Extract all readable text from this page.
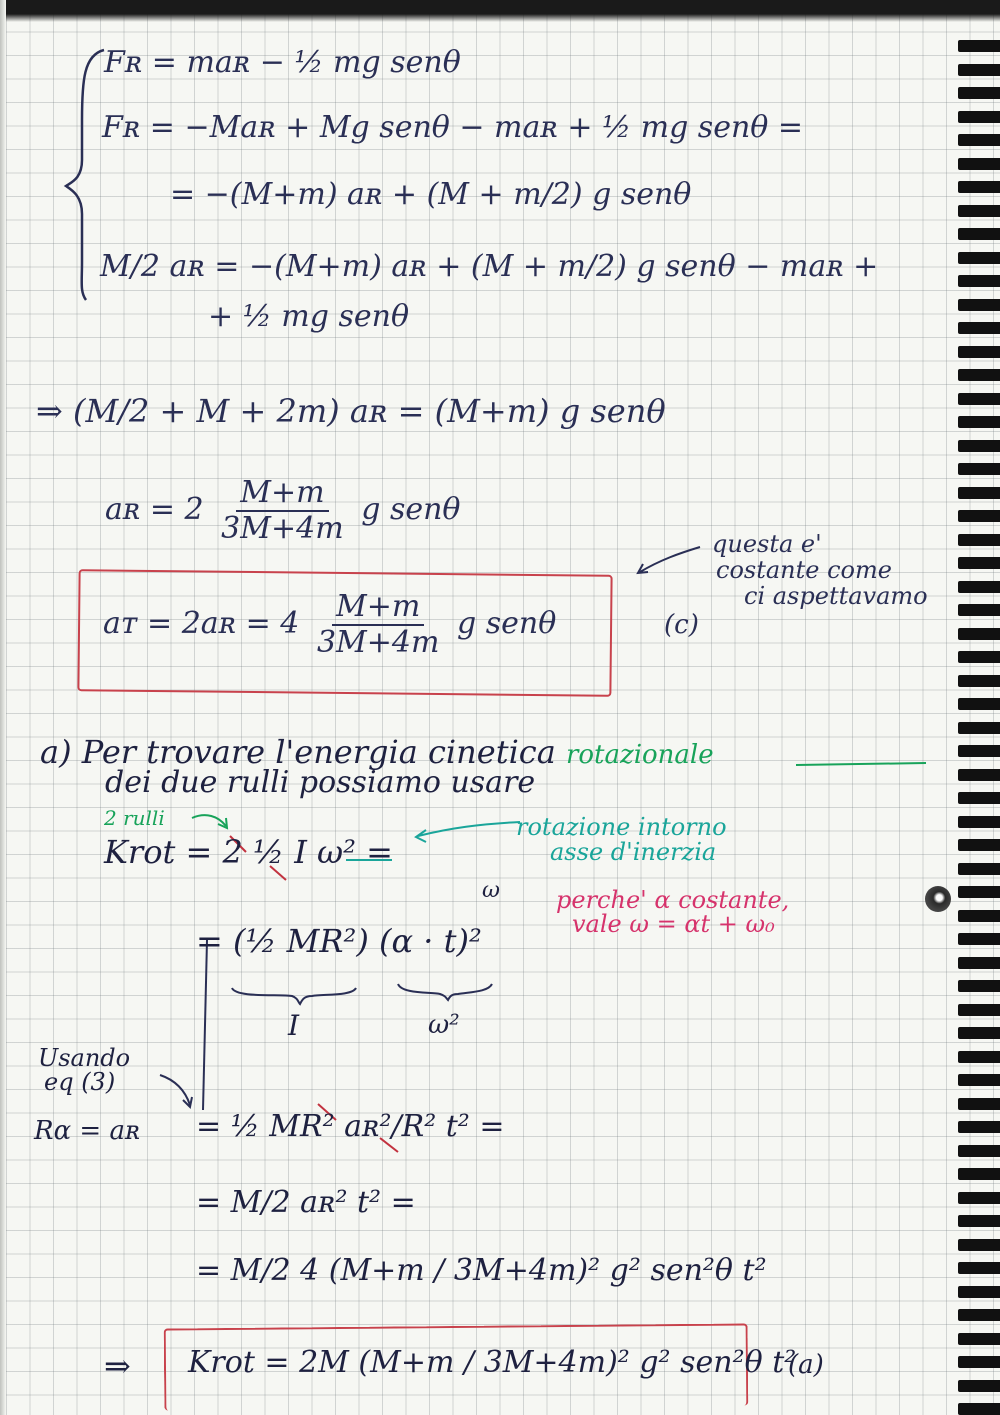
Fʀ = maʀ − ½ mg senθ
Fʀ = −Maʀ + Mg senθ − maʀ + ½ mg senθ =
= −(M+m) aʀ + (M + m/2) g senθ
M/2 aʀ = −(M+m) aʀ + (M + m/2) g senθ − maʀ +
+ ½ mg senθ
⇒ (M/2 + M + 2m) aʀ = (M+m) g senθ
aʀ = $2 \frac{M+m}{3M+4m}$ g senθ
aᴛ = 2aʀ = $4 \frac{M+m}{3M+4m}$ g senθ	(c)
questa e'
costante come
ci aspettavamo
a) Per trovare l'energia cinetica rotazionale
dei due rulli possiamo usare
2 rulli
Krot = 2 ½ I ω² =
rotazione intorno
asse d'inerzia
ω
= (½ MR²) (α · t)²
I	ω²
perche' α costante,
vale ω = αt + ω₀
Usando
eq (3)
Rα = aʀ = ½ MR² aʀ²/R² t² =
= M/2 aʀ² t² =
= M/2 4 (M+m / 3M+4m)² g² sen²θ t²
⇒ Krot = 2M (M+m / 3M+4m)² g² sen²θ t²
(a)
